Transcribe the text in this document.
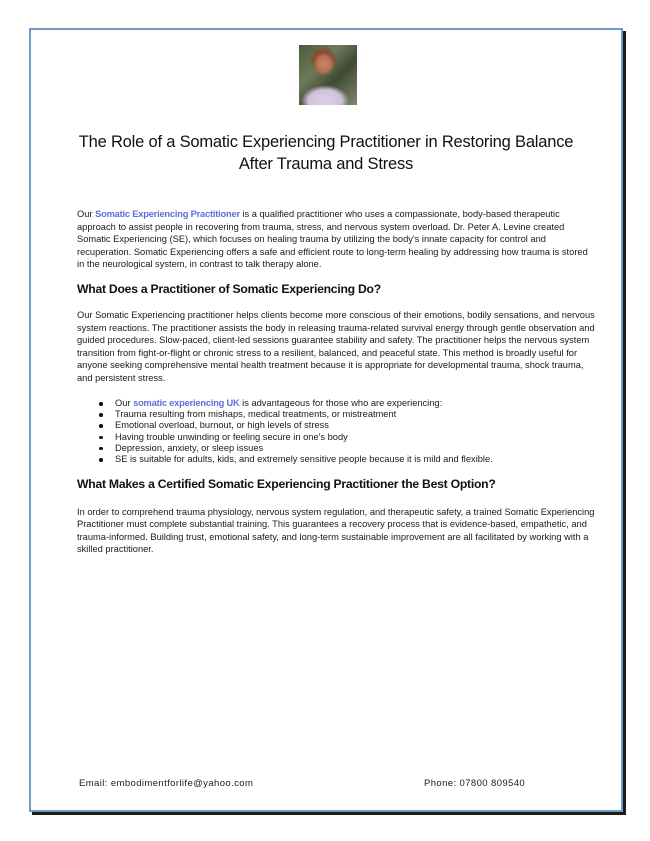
The Role of a Somatic Experiencing Practitioner in Restoring Balance After Trauma and Stress

Our Somatic Experiencing Practitioner is a qualified practitioner who uses a compassionate, body-based therapeutic approach to assist people in recovering from trauma, stress, and nervous system overload. Dr. Peter A. Levine created Somatic Experiencing (SE), which focuses on healing trauma by utilizing the body's innate capacity for control and recuperation. Somatic Experiencing offers a safe and efficient route to long-term healing by addressing how trauma is stored in the neurological system, in contrast to talk therapy alone.

What Does a Practitioner of Somatic Experiencing Do?

Our Somatic Experiencing practitioner helps clients become more conscious of their emotions, bodily sensations, and nervous system reactions. The practitioner assists the body in releasing trauma-related survival energy through gentle observation and guided procedures. Slow-paced, client-led sessions guarantee stability and safety. The practitioner helps the nervous system transition from fight-or-flight or chronic stress to a resilient, balanced, and peaceful state. This method is broadly useful for anyone seeking comprehensive mental health treatment because it is appropriate for developmental trauma, shock trauma, and persistent stress.

Our somatic experiencing UK is advantageous for those who are experiencing:
Trauma resulting from mishaps, medical treatments, or mistreatment
Emotional overload, burnout, or high levels of stress
Having trouble unwinding or feeling secure in one's body
Depression, anxiety, or sleep issues
SE is suitable for adults, kids, and extremely sensitive people because it is mild and flexible.
What Makes a Certified Somatic Experiencing Practitioner the Best Option?

In order to comprehend trauma physiology, nervous system regulation, and therapeutic safety, a trained Somatic Experiencing Practitioner must complete substantial training. This guarantees a recovery process that is evidence-based, empathetic, and trauma-informed. Building trust, emotional safety, and long-term sustainable improvement are all facilitated by working with a skilled practitioner.

Email: embodimentforlife@yahoo.com	Phone: 07800 809540
